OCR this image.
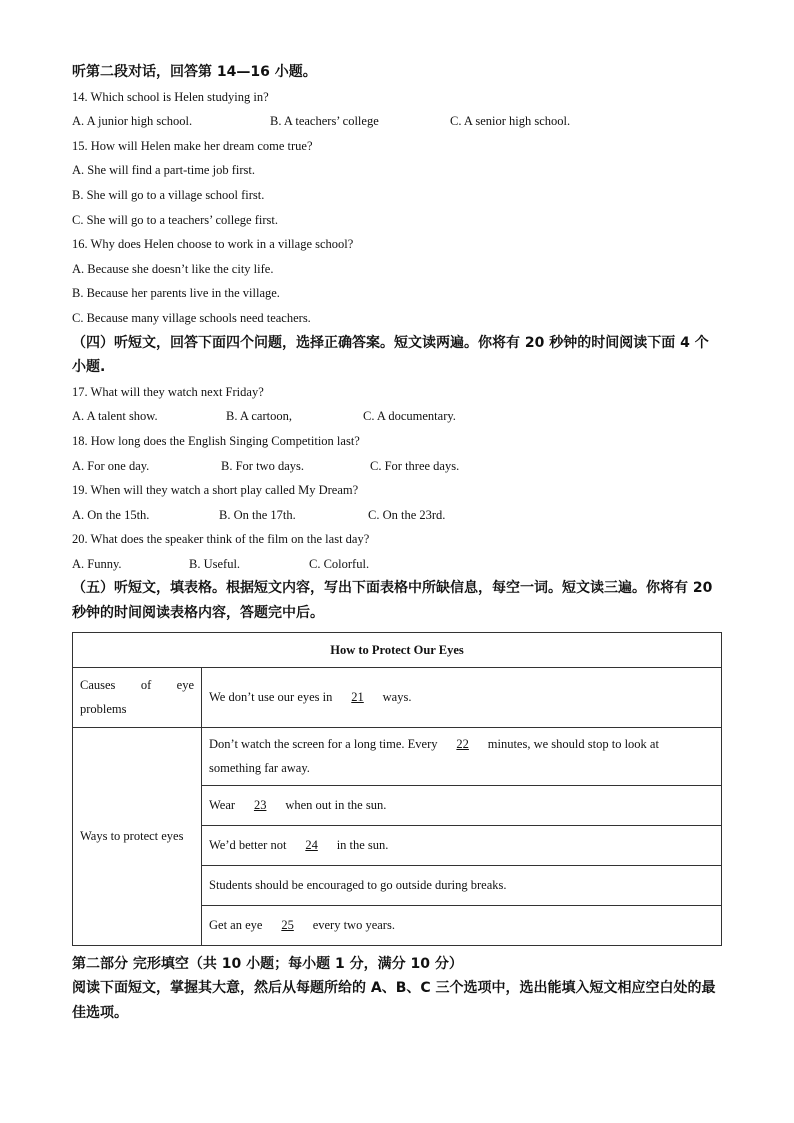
听第二段对话，回答第 14—16 小题。
14. Which school is Helen studying in?
A. A junior high school.	B. A teachers’ college	C. A senior high school.
15. How will Helen make her dream come true?
A. She will find a part-time job first.
B. She will go to a village school first.
C. She will go to a teachers’ college first.
16. Why does Helen choose to work in a village school?
A. Because she doesn’t like the city life.
B. Because her parents live in the village.
C. Because many village schools need teachers.
（四）听短文，回答下面四个问题，选择正确答案。短文读两遍。你将有 20 秒钟的时间阅读下面 4 个小题.
17. What will they watch next Friday?
A. A talent show.	B. A cartoon,	C. A documentary.
18. How long does the English Singing Competition last?
A. For one day.	B. For two days.	C. For three days.
19. When will they watch a short play called My Dream?
A. On the 15th.	B. On the 17th.	C. On the 23rd.
20. What does the speaker think of the film on the last day?
A. Funny.	B. Useful.	C. Colorful.
（五）听短文，填表格。根据短文内容，写出下面表格中所缺信息，每空一词。短文读三遍。你将有 20 秒钟的时间阅读表格内容，答题完中后。
How to Protect Our Eyes	
Causes of eye problems	We don’t use our eyes in 21 ways.
Ways to protect eyes	Don’t watch the screen for a long time. Every 22 minutes, we should stop to look at something far away.
	Wear 23 when out in the sun.
	We’d better not 24 in the sun.
	Students should be encouraged to go outside during breaks.
	Get an eye 25 every two years.
第二部分 完形填空（共 10 小题；每小题 1 分，满分 10 分）
阅读下面短文，掌握其大意，然后从每题所给的 A、B、C 三个选项中，选出能填入短文相应空白处的最佳选项。
